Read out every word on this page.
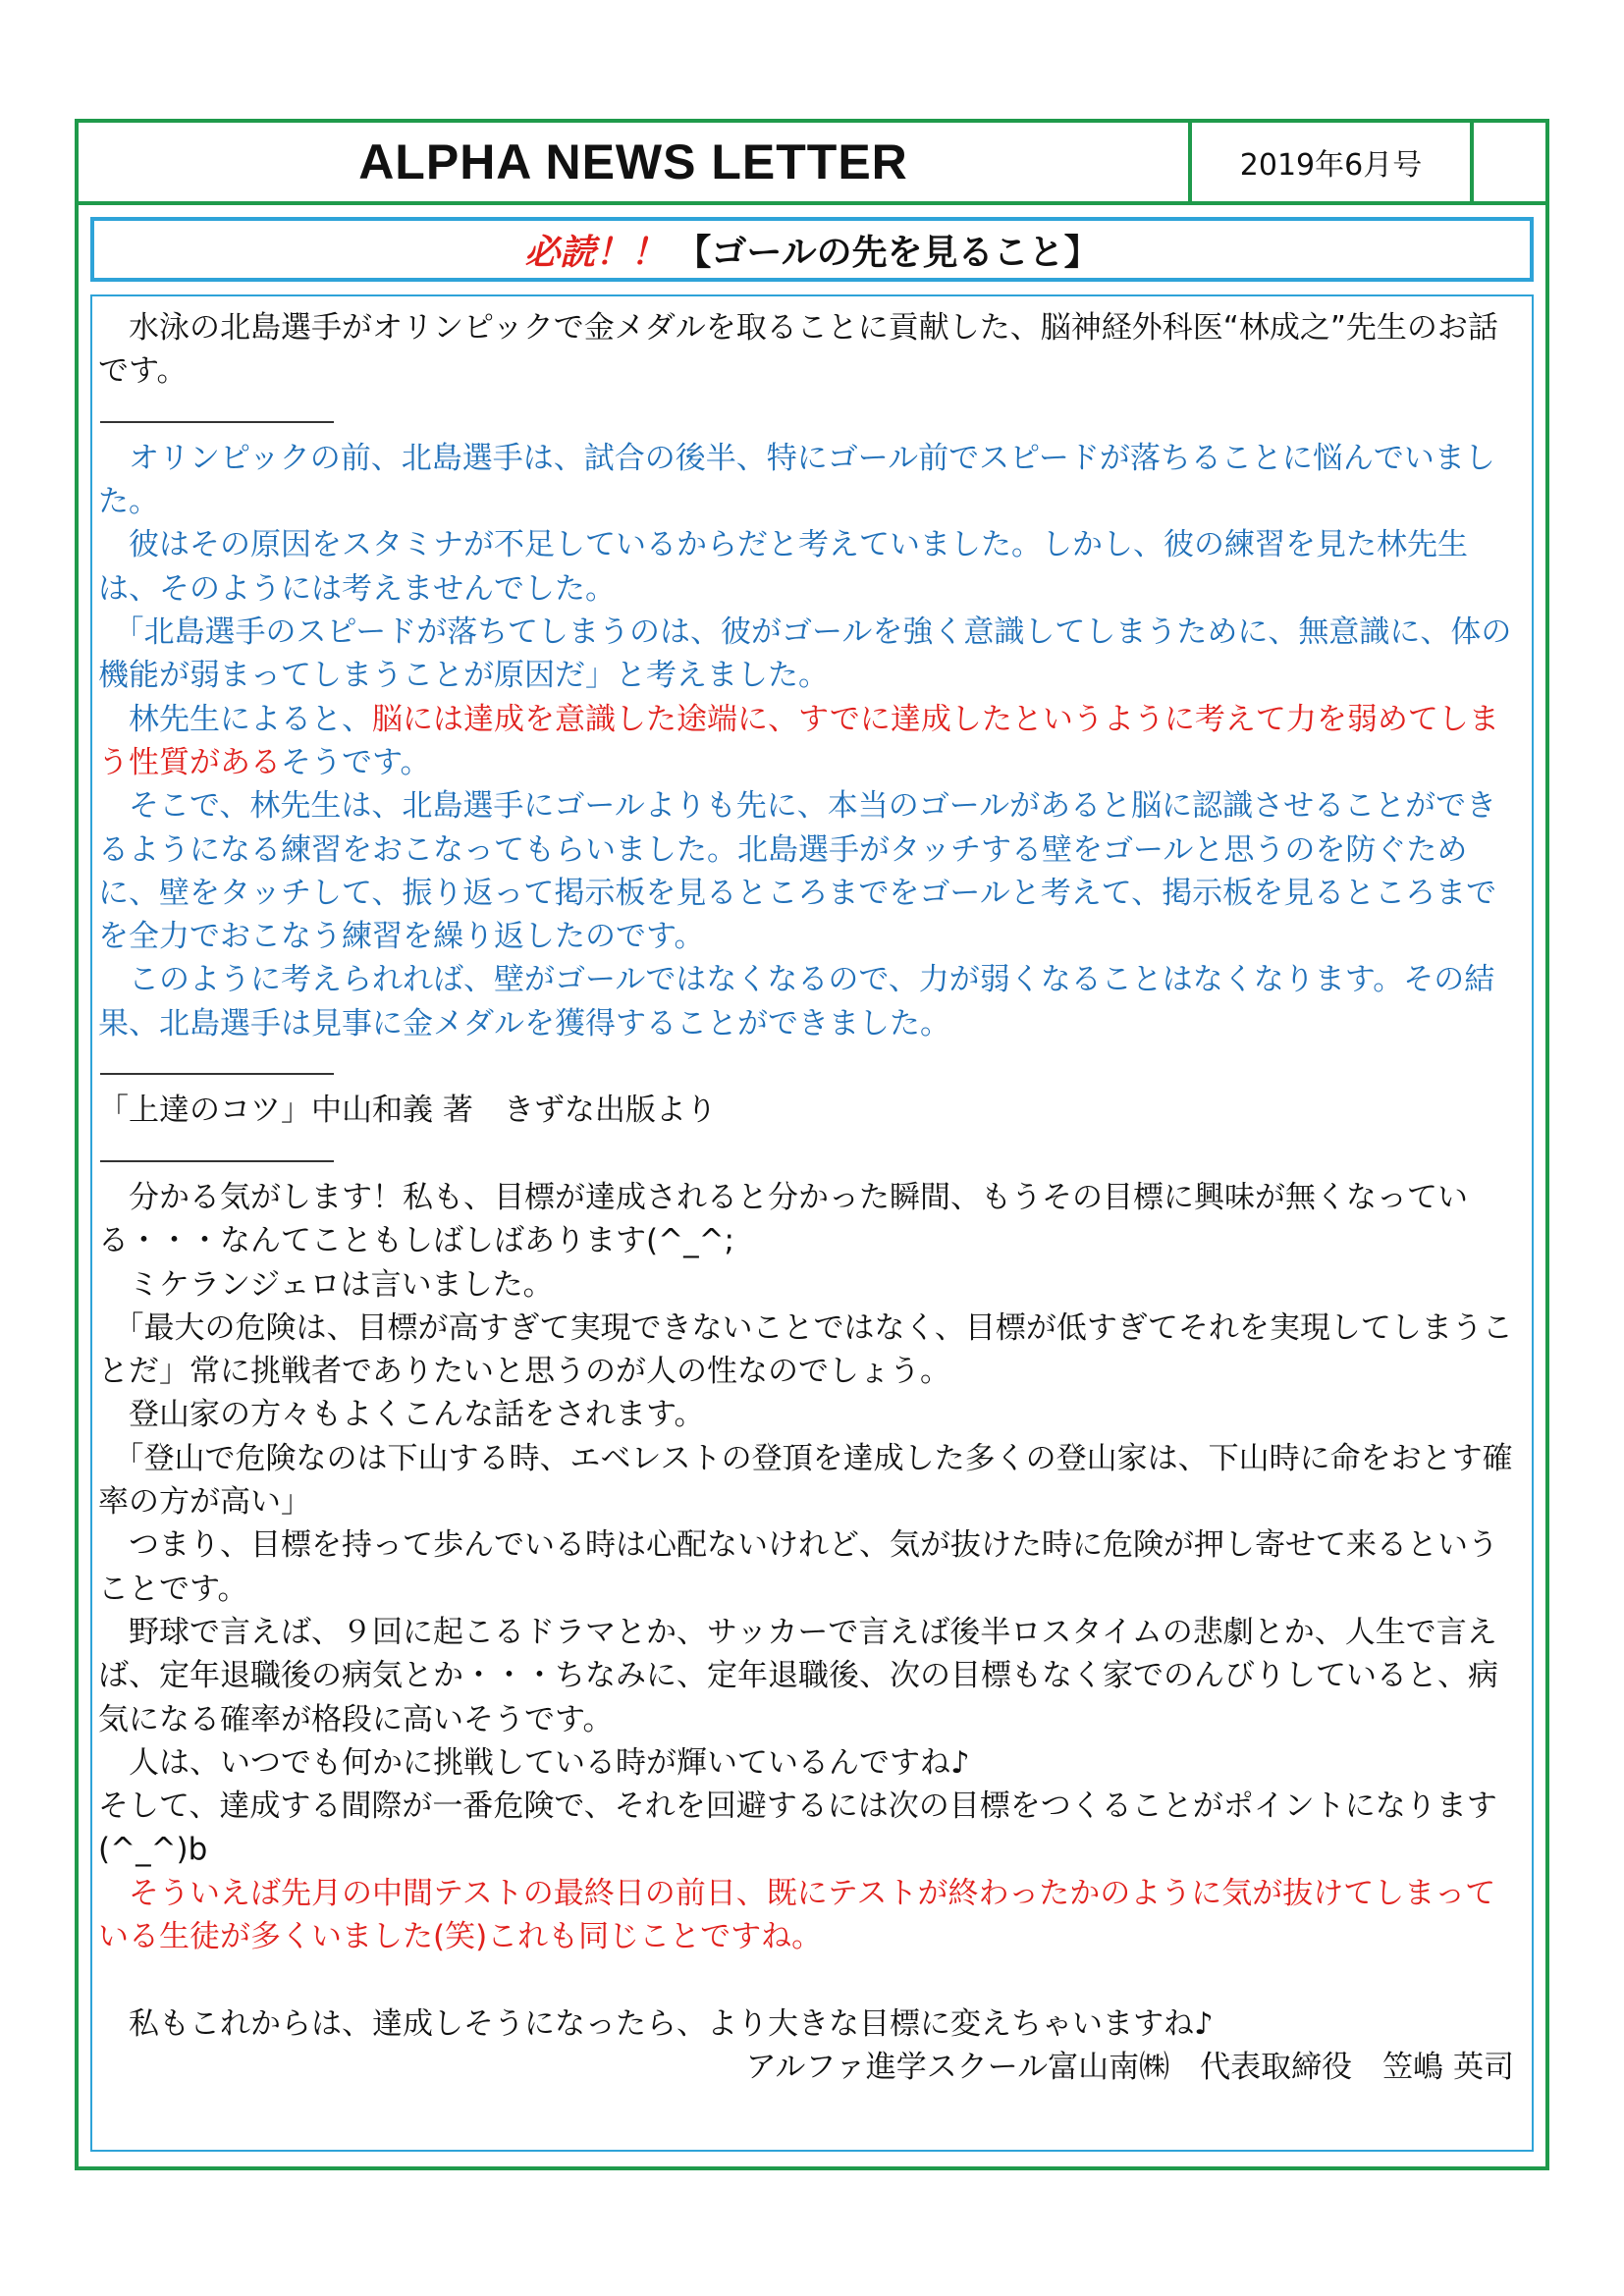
ALPHA NEWS LETTER	2019年6月号
必読！！ 【ゴールの先を見ること】

　水泳の北島選手がオリンピックで金メダルを取ることに貢献した、脳神経外科医“林成之”先生のお話です。

　オリンピックの前、北島選手は、試合の後半、特にゴール前でスピードが落ちることに悩んでいました。

　彼はその原因をスタミナが不足しているからだと考えていました。しかし、彼の練習を見た林先生は、そのようには考えませんでした。

　「北島選手のスピードが落ちてしまうのは、彼がゴールを強く意識してしまうために、無意識に、体の機能が弱まってしまうことが原因だ」と考えました。

　林先生によると、脳には達成を意識した途端に、すでに達成したというように考えて力を弱めてしまう性質があるそうです。

　そこで、林先生は、北島選手にゴールよりも先に、本当のゴールがあると脳に認識させることができるようになる練習をおこなってもらいました。北島選手がタッチする壁をゴールと思うのを防ぐために、壁をタッチして、振り返って掲示板を見るところまでをゴールと考えて、掲示板を見るところまでを全力でおこなう練習を繰り返したのです。

　このように考えられれば、壁がゴールではなくなるので、力が弱くなることはなくなります。その結果、北島選手は見事に金メダルを獲得することができました。

「上達のコツ」中山和義 著　きずな出版より

　分かる気がします！私も、目標が達成されると分かった瞬間、もうその目標に興味が無くなっている・・・なんてこともしばしばあります(^_^;

　ミケランジェロは言いました。

　「最大の危険は、目標が高すぎて実現できないことではなく、目標が低すぎてそれを実現してしまうことだ」常に挑戦者でありたいと思うのが人の性なのでしょう。

　登山家の方々もよくこんな話をされます。

　「登山で危険なのは下山する時、エベレストの登頂を達成した多くの登山家は、下山時に命をおとす確率の方が高い」

　つまり、目標を持って歩んでいる時は心配ないけれど、気が抜けた時に危険が押し寄せて来るということです。

　野球で言えば、９回に起こるドラマとか、サッカーで言えば後半ロスタイムの悲劇とか、人生で言えば、定年退職後の病気とか・・・ちなみに、定年退職後、次の目標もなく家でのんびりしていると、病気になる確率が格段に高いそうです。

　人は、いつでも何かに挑戦している時が輝いているんですね♪

そして、達成する間際が一番危険で、それを回避するには次の目標をつくることがポイントになります(^_^)b

　そういえば先月の中間テストの最終日の前日、既にテストが終わったかのように気が抜けてしまっている生徒が多くいました(笑)これも同じことですね。

　私もこれからは、達成しそうになったら、より大きな目標に変えちゃいますね♪

アルファ進学スクール富山南㈱　代表取締役　笠嶋 英司
